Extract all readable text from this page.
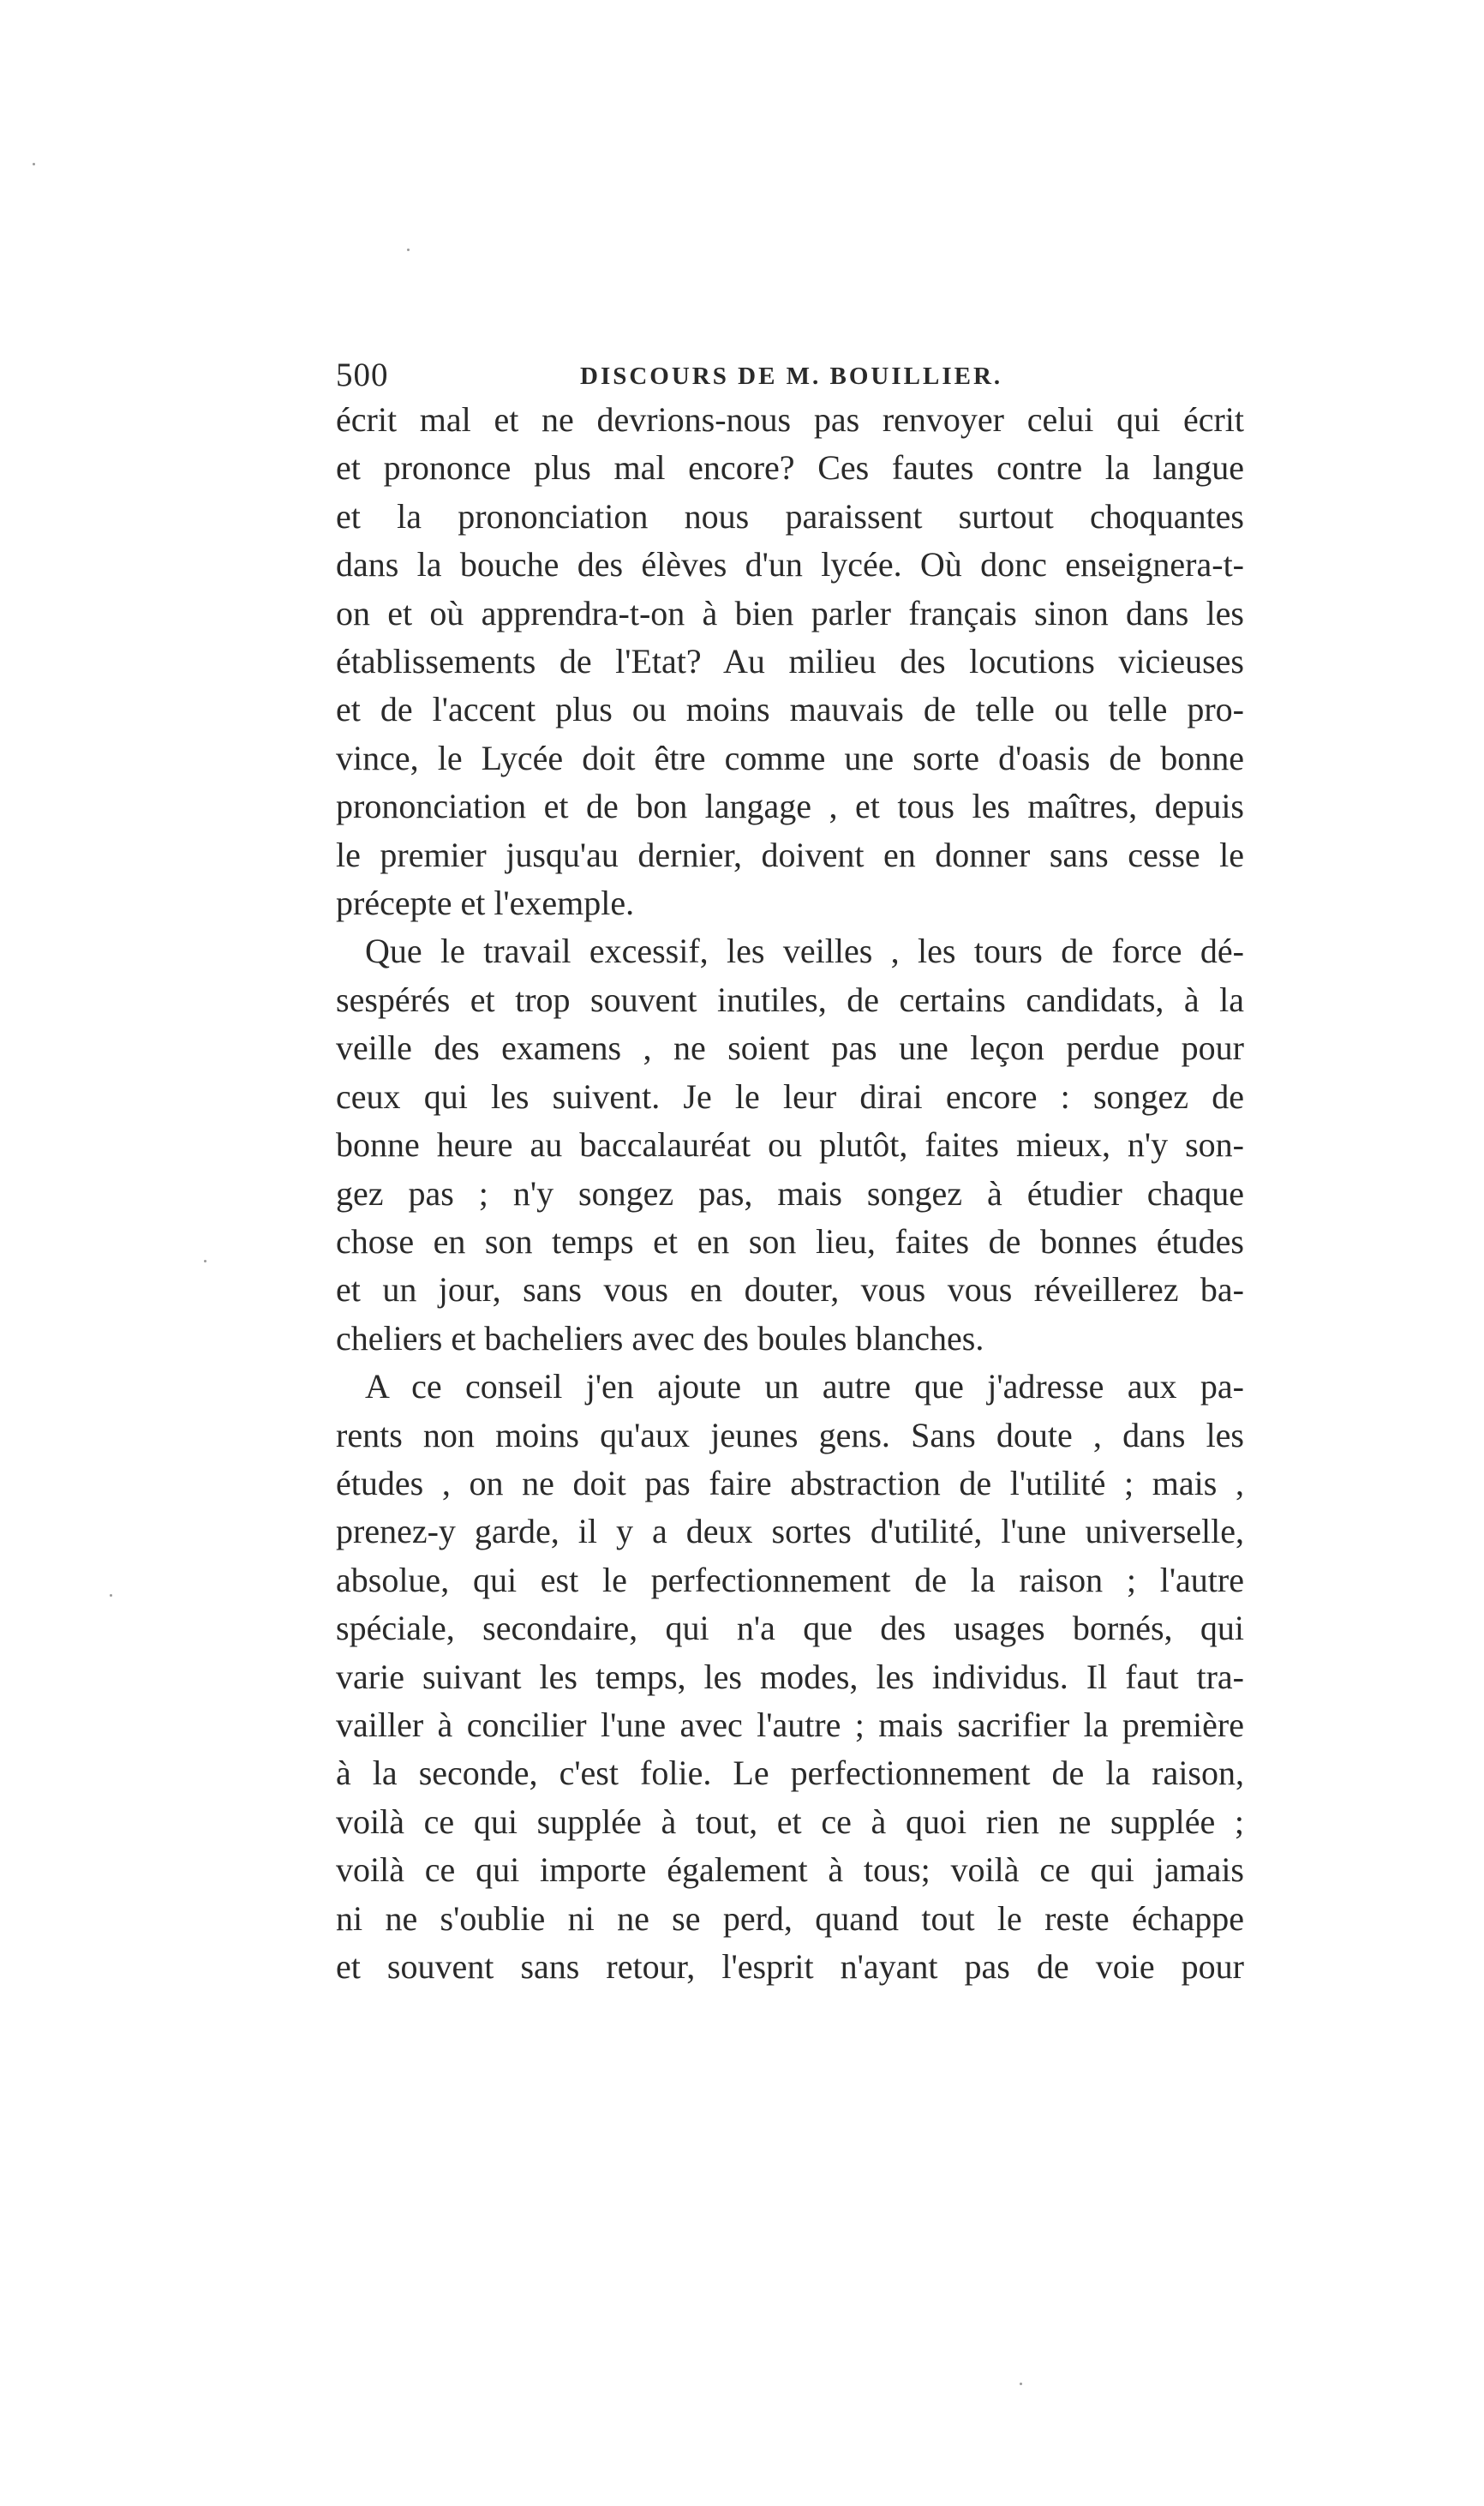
500	DISCOURS DE M. BOUILLIER.

écrit mal et ne devrions-nous pas renvoyer celui qui écrit
et prononce plus mal encore? Ces fautes contre la langue
et la prononciation nous paraissent surtout choquantes
dans la bouche des élèves d'un lycée. Où donc enseignera-t-
on et où apprendra-t-on à bien parler français sinon dans les
établissements de l'Etat? Au milieu des locutions vicieuses
et de l'accent plus ou moins mauvais de telle ou telle pro-
vince, le Lycée doit être comme une sorte d'oasis de bonne
prononciation et de bon langage , et tous les maîtres, depuis
le premier jusqu'au dernier, doivent en donner sans cesse le
précepte et l'exemple.

Que le travail excessif, les veilles , les tours de force dé-
sespérés et trop souvent inutiles, de certains candidats, à la
veille des examens , ne soient pas une leçon perdue pour
ceux qui les suivent. Je le leur dirai encore : songez de
bonne heure au baccalauréat ou plutôt, faites mieux, n'y son-
gez pas ; n'y songez pas, mais songez à étudier chaque
chose en son temps et en son lieu, faites de bonnes études
et un jour, sans vous en douter, vous vous réveillerez ba-
cheliers et bacheliers avec des boules blanches.

A ce conseil j'en ajoute un autre que j'adresse aux pa-
rents non moins qu'aux jeunes gens. Sans doute , dans les
études , on ne doit pas faire abstraction de l'utilité ; mais ,
prenez-y garde, il y a deux sortes d'utilité, l'une universelle,
absolue, qui est le perfectionnement de la raison ; l'autre
spéciale, secondaire, qui n'a que des usages bornés, qui
varie suivant les temps, les modes, les individus. Il faut tra-
vailler à concilier l'une avec l'autre ; mais sacrifier la première
à la seconde, c'est folie. Le perfectionnement de la raison,
voilà ce qui supplée à tout, et ce à quoi rien ne supplée ;
voilà ce qui importe également à tous; voilà ce qui jamais
ni ne s'oublie ni ne se perd, quand tout le reste échappe
et souvent sans retour, l'esprit n'ayant pas de voie pour
